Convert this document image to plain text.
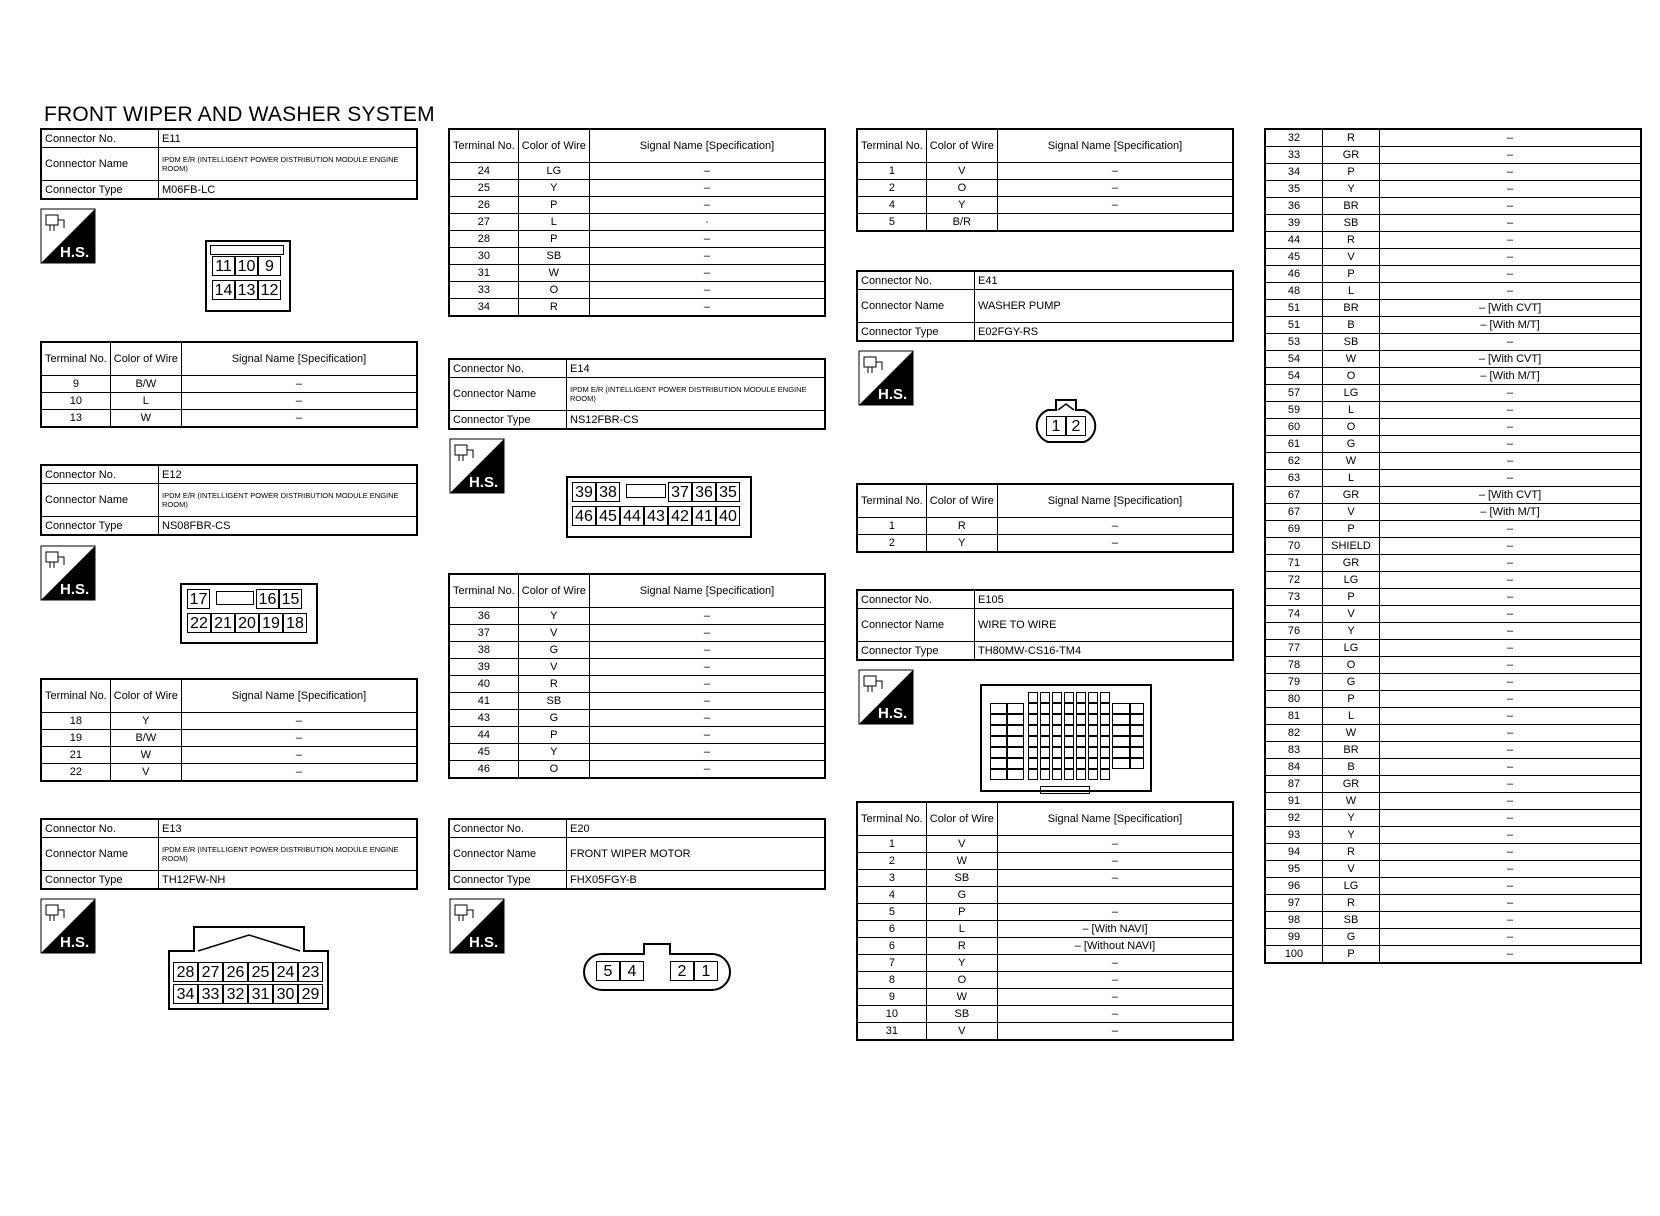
FRONT WIPER AND WASHER SYSTEM
Connector No.	E11
Connector Name	IPDM E/R (INTELLIGENT POWER DISTRIBUTION MODULE ENGINE ROOM)
Connector Type	M06FB-LC
H.S.
11 10 9
14 13 12
Terminal No.	Color of Wire	Signal Name [Specification]
9	B/W	–
10	L	–
13	W	–
Connector No.	E12
Connector Name	IPDM E/R (INTELLIGENT POWER DISTRIBUTION MODULE ENGINE ROOM)
Connector Type	NS08FBR-CS
H.S.
17	16 15
22 21 20 19 18
Terminal No.	Color of Wire	Signal Name [Specification]
18	Y	–
19	B/W	–
21	W	–
22	V	–
Connector No.	E13
Connector Name	IPDM E/R (INTELLIGENT POWER DISTRIBUTION MODULE ENGINE ROOM)
Connector Type	TH12FW-NH
H.S.
28 27 26 25 24 23
34 33 32 31 30 29
Terminal No.	Color of Wire	Signal Name [Specification]
24	LG	–
25	Y	–
26	P	–
27	L	·
28	P	–
30	SB	–
31	W	–
33	O	–
34	R	–
Connector No.	E14
Connector Name	IPDM E/R (INTELLIGENT POWER DISTRIBUTION MODULE ENGINE ROOM)
Connector Type	NS12FBR-CS
H.S.
39 38	37 36 35
46 45 44 43 42 41 40
Terminal No.	Color of Wire	Signal Name [Specification]
36	Y	–
37	V	–
38	G	–
39	V	–
40	R	–
41	SB	–
43	G	–
44	P	–
45	Y	–
46	O	–
Connector No.	E20
Connector Name	FRONT WIPER MOTOR
Connector Type	FHX05FGY-B
H.S.
5 4	2 1
Terminal No.	Color of Wire	Signal Name [Specification]
1	V	–
2	O	–
4	Y	–
5	B/R	
Connector No.	E41
Connector Name	WASHER PUMP
Connector Type	E02FGY-RS
H.S.
1 2
Terminal No.	Color of Wire	Signal Name [Specification]
1	R	–
2	Y	–
Connector No.	E105
Connector Name	WIRE TO WIRE
Connector Type	TH80MW-CS16-TM4
H.S.
Terminal No.	Color of Wire	Signal Name [Specification]
1	V	–
2	W	–
3	SB	–
4	G	
5	P	–
6	L	– [With NAVI]
6	R	– [Without NAVI]
7	Y	–
8	O	–
9	W	–
10	SB	–
31	V	–
32	R	–
33	GR	–
34	P	–
35	Y	–
36	BR	–
39	SB	–
44	R	–
45	V	–
46	P	–
48	L	–
51	BR	– [With CVT]
51	B	– [With M/T]
53	SB	–
54	W	– [With CVT]
54	O	– [With M/T]
57	LG	–
59	L	–
60	O	–
61	G	–
62	W	–
63	L	–
67	GR	– [With CVT]
67	V	– [With M/T]
69	P	–
70	SHIELD	–
71	GR	–
72	LG	–
73	P	–
74	V	–
76	Y	–
77	LG	–
78	O	–
79	G	–
80	P	–
81	L	–
82	W	–
83	BR	–
84	B	–
87	GR	–
91	W	–
92	Y	–
93	Y	–
94	R	–
95	V	–
96	LG	–
97	R	–
98	SB	–
99	G	–
100	P	–
